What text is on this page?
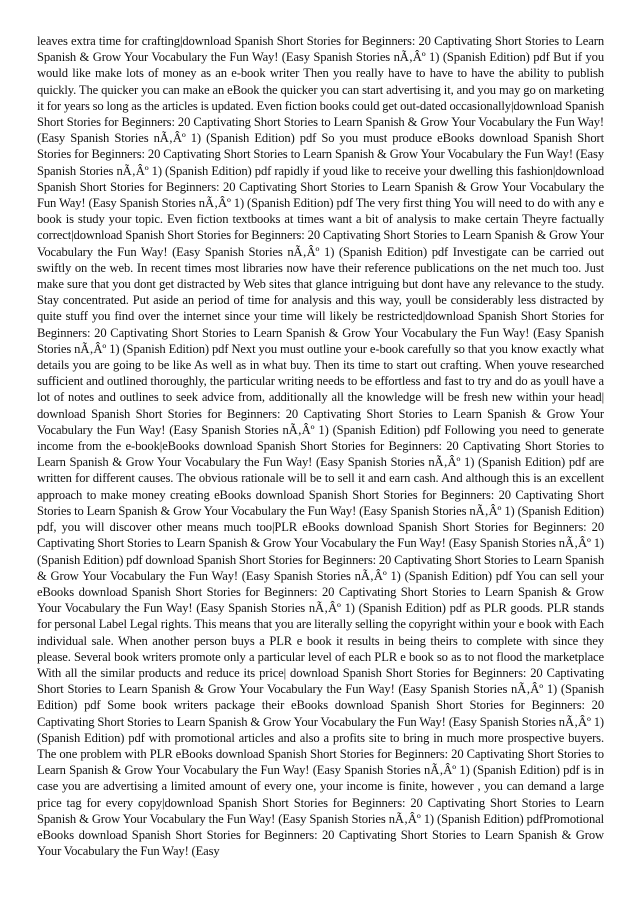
leaves extra time for crafting|download Spanish Short Stories for Beginners: 20 Captivating Short Stories to Learn Spanish & Grow Your Vocabulary the Fun Way! (Easy Spanish Stories nÃ‚Âº 1) (Spanish Edition) pdf But if you would like make lots of money as an e-book writer Then you really have to have to have the ability to publish quickly. The quicker you can make an eBook the quicker you can start advertising it, and you may go on marketing it for years so long as the articles is updated. Even fiction books could get out-dated occasionally|download Spanish Short Stories for Beginners: 20 Captivating Short Stories to Learn Spanish & Grow Your Vocabulary the Fun Way! (Easy Spanish Stories nÃ‚Âº 1) (Spanish Edition) pdf So you must produce eBooks download Spanish Short Stories for Beginners: 20 Captivating Short Stories to Learn Spanish & Grow Your Vocabulary the Fun Way! (Easy Spanish Stories nÃ‚Âº 1) (Spanish Edition) pdf rapidly if youd like to receive your dwelling this fashion|download Spanish Short Stories for Beginners: 20 Captivating Short Stories to Learn Spanish & Grow Your Vocabulary the Fun Way! (Easy Spanish Stories nÃ‚Âº 1) (Spanish Edition) pdf The very first thing You will need to do with any e book is study your topic. Even fiction textbooks at times want a bit of analysis to make certain Theyre factually correct|download Spanish Short Stories for Beginners: 20 Captivating Short Stories to Learn Spanish & Grow Your Vocabulary the Fun Way! (Easy Spanish Stories nÃ‚Âº 1) (Spanish Edition) pdf Investigate can be carried out swiftly on the web. In recent times most libraries now have their reference publications on the net much too. Just make sure that you dont get distracted by Web sites that glance intriguing but dont have any relevance to the study. Stay concentrated. Put aside an period of time for analysis and this way, youll be considerably less distracted by quite stuff you find over the internet since your time will likely be restricted|download Spanish Short Stories for Beginners: 20 Captivating Short Stories to Learn Spanish & Grow Your Vocabulary the Fun Way! (Easy Spanish Stories nÃ‚Âº 1) (Spanish Edition) pdf Next you must outline your e-book carefully so that you know exactly what details you are going to be like As well as in what buy. Then its time to start out crafting. When youve researched sufficient and outlined thoroughly, the particular writing needs to be effortless and fast to try and do as youll have a lot of notes and outlines to seek advice from, additionally all the knowledge will be fresh new within your head| download Spanish Short Stories for Beginners: 20 Captivating Short Stories to Learn Spanish & Grow Your Vocabulary the Fun Way! (Easy Spanish Stories nÃ‚Âº 1) (Spanish Edition) pdf Following you need to generate income from the e-book|eBooks download Spanish Short Stories for Beginners: 20 Captivating Short Stories to Learn Spanish & Grow Your Vocabulary the Fun Way! (Easy Spanish Stories nÃ‚Âº 1) (Spanish Edition) pdf are written for different causes. The obvious rationale will be to sell it and earn cash. And although this is an excellent approach to make money creating eBooks download Spanish Short Stories for Beginners: 20 Captivating Short Stories to Learn Spanish & Grow Your Vocabulary the Fun Way! (Easy Spanish Stories nÃ‚Âº 1) (Spanish Edition) pdf, you will discover other means much too|PLR eBooks download Spanish Short Stories for Beginners: 20 Captivating Short Stories to Learn Spanish & Grow Your Vocabulary the Fun Way! (Easy Spanish Stories nÃ‚Âº 1) (Spanish Edition) pdf download Spanish Short Stories for Beginners: 20 Captivating Short Stories to Learn Spanish & Grow Your Vocabulary the Fun Way! (Easy Spanish Stories nÃ‚Âº 1) (Spanish Edition) pdf You can sell your eBooks download Spanish Short Stories for Beginners: 20 Captivating Short Stories to Learn Spanish & Grow Your Vocabulary the Fun Way! (Easy Spanish Stories nÃ‚Âº 1) (Spanish Edition) pdf as PLR goods. PLR stands for personal Label Legal rights. This means that you are literally selling the copyright within your e book with Each individual sale. When another person buys a PLR e book it results in being theirs to complete with since they please. Several book writers promote only a particular level of each PLR e book so as to not flood the marketplace With all the similar products and reduce its price| download Spanish Short Stories for Beginners: 20 Captivating Short Stories to Learn Spanish & Grow Your Vocabulary the Fun Way! (Easy Spanish Stories nÃ‚Âº 1) (Spanish Edition) pdf Some book writers package their eBooks download Spanish Short Stories for Beginners: 20 Captivating Short Stories to Learn Spanish & Grow Your Vocabulary the Fun Way! (Easy Spanish Stories nÃ‚Âº 1) (Spanish Edition) pdf with promotional articles and also a profits site to bring in much more prospective buyers. The one problem with PLR eBooks download Spanish Short Stories for Beginners: 20 Captivating Short Stories to Learn Spanish & Grow Your Vocabulary the Fun Way! (Easy Spanish Stories nÃ‚Âº 1) (Spanish Edition) pdf is in case you are advertising a limited amount of every one, your income is finite, however , you can demand a large price tag for every copy|download Spanish Short Stories for Beginners: 20 Captivating Short Stories to Learn Spanish & Grow Your Vocabulary the Fun Way! (Easy Spanish Stories nÃ‚Âº 1) (Spanish Edition) pdfPromotional eBooks download Spanish Short Stories for Beginners: 20 Captivating Short Stories to Learn Spanish & Grow Your Vocabulary the Fun Way! (Easy
